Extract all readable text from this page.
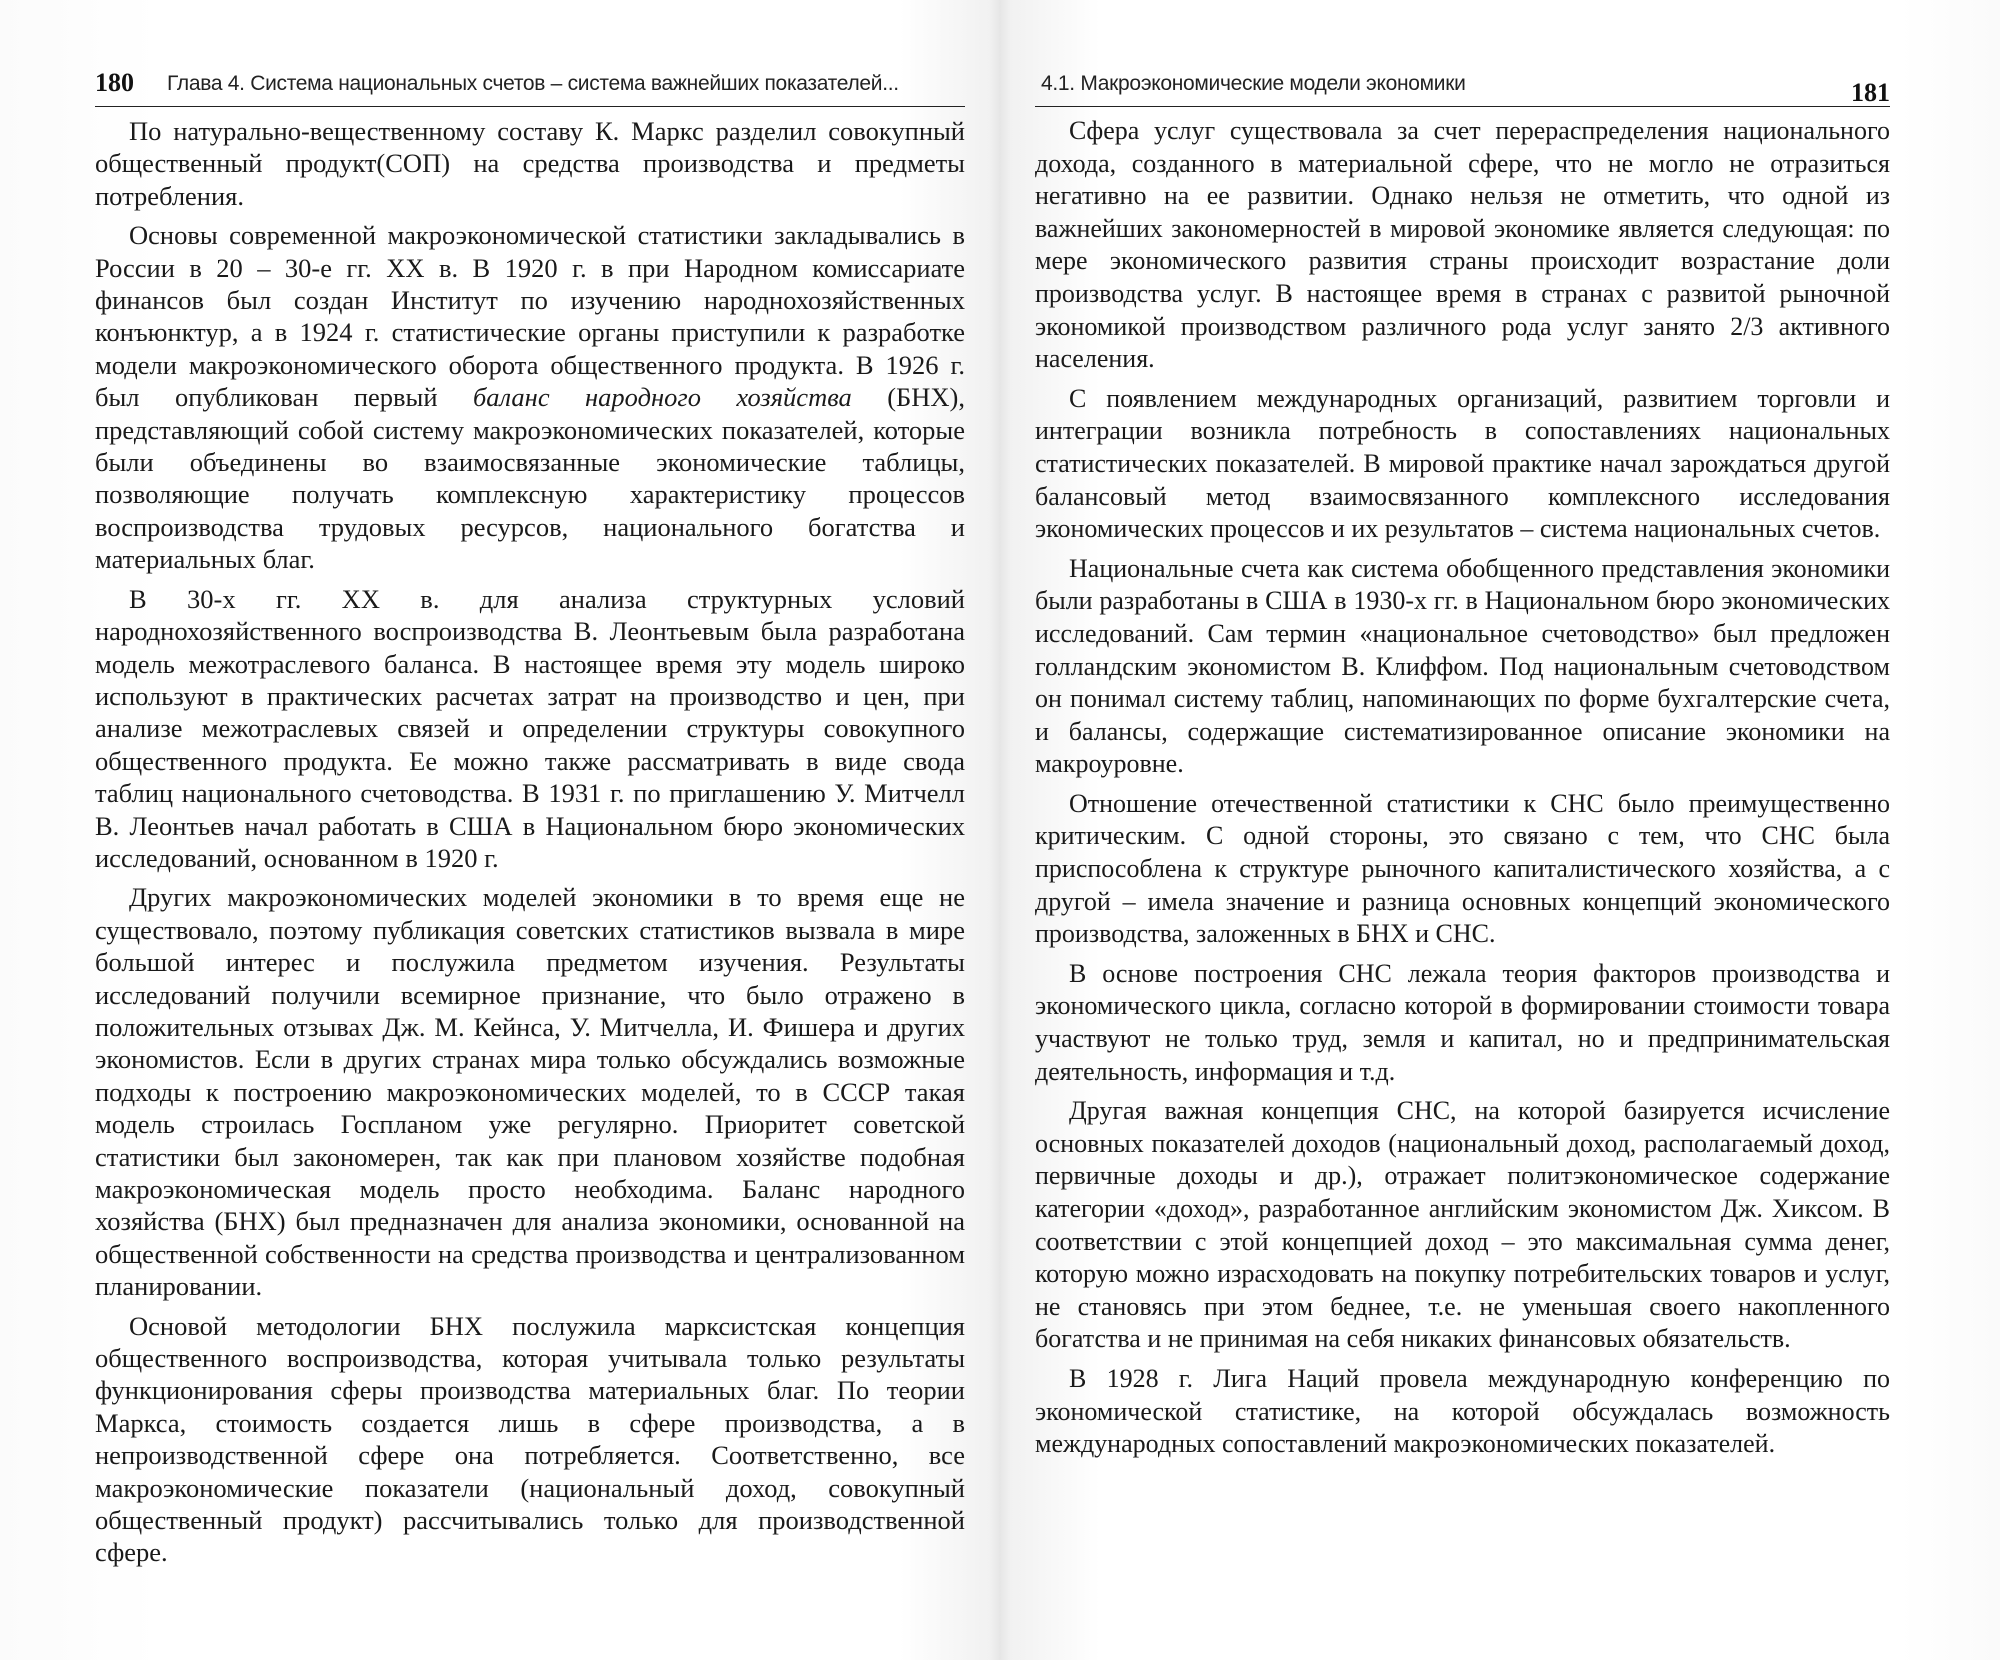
180 Глава 4. Система национальных счетов – система важнейших показателей...

По натурально-вещественному составу К. Маркс разделил совокупный общественный продукт(СОП) на средства производства и предметы потребления.

Основы современной макроэкономической статистики закладывались в России в 20 – 30-е гг. XX в. В 1920 г. в при Народном комиссариате финансов был создан Институт по изучению народнохозяйственных конъюнктур, а в 1924 г. статистические органы приступили к разработке модели макроэкономического оборота общественного продукта. В 1926 г. был опубликован первый баланс народного хозяйства (БНХ), представляющий собой систему макроэкономических показателей, которые были объединены во взаимосвязанные экономические таблицы, позволяющие получать комплексную характеристику процессов воспроизводства трудовых ресурсов, национального богатства и материальных благ.

В 30-х гг. XX в. для анализа структурных условий народнохозяйственного воспроизводства В. Леонтьевым была разработана модель межотраслевого баланса. В настоящее время эту модель широко используют в практических расчетах затрат на производство и цен, при анализе межотраслевых связей и определении структуры совокупного общественного продукта. Ее можно также рассматривать в виде свода таблиц национального счетоводства. В 1931 г. по приглашению У. Митчелл В. Леонтьев начал работать в США в Национальном бюро экономических исследований, основанном в 1920 г.

Других макроэкономических моделей экономики в то время еще не существовало, поэтому публикация советских статистиков вызвала в мире большой интерес и послужила предметом изучения. Результаты исследований получили всемирное признание, что было отражено в положительных отзывах Дж. М. Кейнса, У. Митчелла, И. Фишера и других экономистов. Если в других странах мира только обсуждались возможные подходы к построению макроэкономических моделей, то в СССР такая модель строилась Госпланом уже регулярно. Приоритет советской статистики был закономерен, так как при плановом хозяйстве подобная макроэкономическая модель просто необходима. Баланс народного хозяйства (БНХ) был предназначен для анализа экономики, основанной на общественной собственности на средства производства и централизованном планировании.

Основой методологии БНХ послужила марксистская концепция общественного воспроизводства, которая учитывала только результаты функционирования сферы производства материальных благ. По теории Маркса, стоимость создается лишь в сфере производства, а в непроизводственной сфере она потребляется. Соответственно, все макроэкономические показатели (национальный доход, совокупный общественный продукт) рассчитывались только для производственной сфере.

4.1. Макроэкономические модели экономики	181

Сфера услуг существовала за счет перераспределения национального дохода, созданного в материальной сфере, что не могло не отразиться негативно на ее развитии. Однако нельзя не отметить, что одной из важнейших закономерностей в мировой экономике является следующая: по мере экономического развития страны происходит возрастание доли производства услуг. В настоящее время в странах с развитой рыночной экономикой производством различного рода услуг занято 2/3 активного населения.

С появлением международных организаций, развитием торговли и интеграции возникла потребность в сопоставлениях национальных статистических показателей. В мировой практике начал зарождаться другой балансовый метод взаимосвязанного комплексного исследования экономических процессов и их результатов – система национальных счетов.

Национальные счета как система обобщенного представления экономики были разработаны в США в 1930-х гг. в Национальном бюро экономических исследований. Сам термин «национальное счетоводство» был предложен голландским экономистом В. Клиффом. Под национальным счетоводством он понимал систему таблиц, напоминающих по форме бухгалтерские счета, и балансы, содержащие систематизированное описание экономики на макроуровне.

Отношение отечественной статистики к СНС было преимущественно критическим. С одной стороны, это связано с тем, что СНС была приспособлена к структуре рыночного капиталистического хозяйства, а с другой – имела значение и разница основных концепций экономического производства, заложенных в БНХ и СНС.

В основе построения СНС лежала теория факторов производства и экономического цикла, согласно которой в формировании стоимости товара участвуют не только труд, земля и капитал, но и предпринимательская деятельность, информация и т.д.

Другая важная концепция СНС, на которой базируется исчисление основных показателей доходов (национальный доход, располагаемый доход, первичные доходы и др.), отражает политэкономическое содержание категории «доход», разработанное английским экономистом Дж. Хиксом. В соответствии с этой концепцией доход – это максимальная сумма денег, которую можно израсходовать на покупку потребительских товаров и услуг, не становясь при этом беднее, т.е. не уменьшая своего накопленного богатства и не принимая на себя никаких финансовых обязательств.

В 1928 г. Лига Наций провела международную конференцию по экономической статистике, на которой обсуждалась возможность международных сопоставлений макроэкономических показателей.
